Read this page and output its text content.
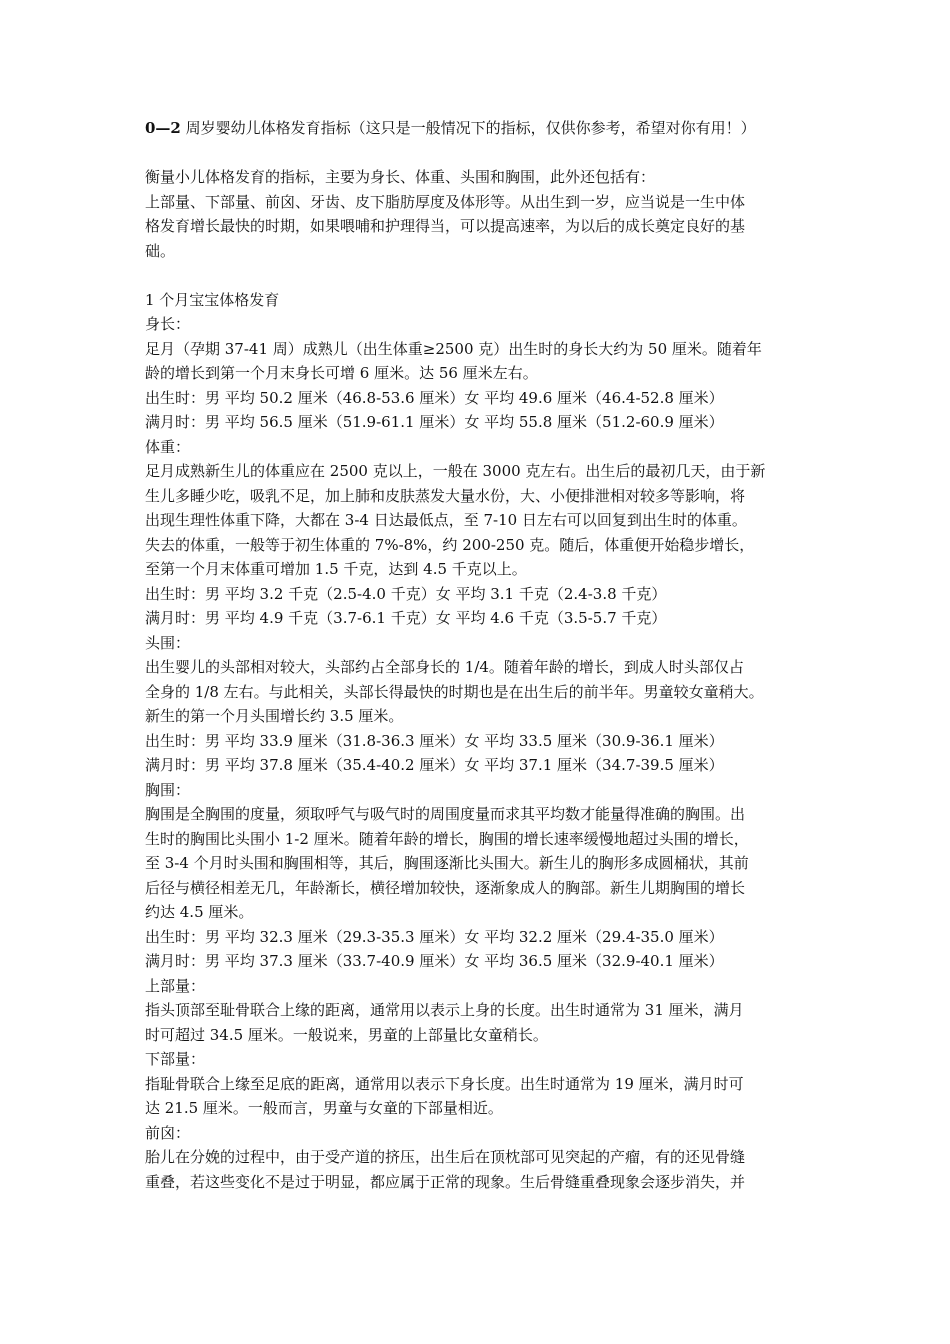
0—2 周岁婴幼儿体格发育指标（这只是一般情况下的指标，仅供你参考，希望对你有用！）
衡量小儿体格发育的指标，主要为身长、体重、头围和胸围，此外还包括有：
上部量、下部量、前囟、牙齿、皮下脂肪厚度及体形等。从出生到一岁，应当说是一生中体
格发育增长最快的时期，如果喂哺和护理得当，可以提高速率，为以后的成长奠定良好的基
础。
1 个月宝宝体格发育
身长：
足月（孕期 37-41 周）成熟儿（出生体重≥2500 克）出生时的身长大约为 50 厘米。随着年
龄的增长到第一个月末身长可增 6 厘米。达 56 厘米左右。
出生时：男 平均 50.2 厘米（46.8-53.6 厘米）女 平均 49.6 厘米（46.4-52.8 厘米）
满月时：男 平均 56.5 厘米（51.9-61.1 厘米）女 平均 55.8 厘米（51.2-60.9 厘米）
体重：
足月成熟新生儿的体重应在 2500 克以上，一般在 3000 克左右。出生后的最初几天，由于新
生儿多睡少吃，吸乳不足，加上肺和皮肤蒸发大量水份，大、小便排泄相对较多等影响，将
出现生理性体重下降，大都在 3-4 日达最低点，至 7-10 日左右可以回复到出生时的体重。
失去的体重，一般等于初生体重的 7%-8%，约 200-250 克。随后，体重便开始稳步增长，
至第一个月末体重可增加 1.5 千克，达到 4.5 千克以上。
出生时：男 平均 3.2 千克（2.5-4.0 千克）女 平均 3.1 千克（2.4-3.8 千克）
满月时：男 平均 4.9 千克（3.7-6.1 千克）女 平均 4.6 千克（3.5-5.7 千克）
头围：
出生婴儿的头部相对较大，头部约占全部身长的 1/4。随着年龄的增长，到成人时头部仅占
全身的 1/8 左右。与此相关，头部长得最快的时期也是在出生后的前半年。男童较女童稍大。
新生的第一个月头围增长约 3.5 厘米。
出生时：男 平均 33.9 厘米（31.8-36.3 厘米）女 平均 33.5 厘米（30.9-36.1 厘米）
满月时：男 平均 37.8 厘米（35.4-40.2 厘米）女 平均 37.1 厘米（34.7-39.5 厘米）
胸围：
胸围是全胸围的度量，须取呼气与吸气时的周围度量而求其平均数才能量得准确的胸围。出
生时的胸围比头围小 1-2 厘米。随着年龄的增长，胸围的增长速率缓慢地超过头围的增长，
至 3-4 个月时头围和胸围相等，其后，胸围逐渐比头围大。新生儿的胸形多成圆桶状，其前
后径与横径相差无几，年龄渐长，横径增加较快，逐渐象成人的胸部。新生儿期胸围的增长
约达 4.5 厘米。
出生时：男 平均 32.3 厘米（29.3-35.3 厘米）女 平均 32.2 厘米（29.4-35.0 厘米）
满月时：男 平均 37.3 厘米（33.7-40.9 厘米）女 平均 36.5 厘米（32.9-40.1 厘米）
上部量：
指头顶部至耻骨联合上缘的距离，通常用以表示上身的长度。出生时通常为 31 厘米，满月
时可超过 34.5 厘米。一般说来，男童的上部量比女童稍长。
下部量：
指耻骨联合上缘至足底的距离，通常用以表示下身长度。出生时通常为 19 厘米，满月时可
达 21.5 厘米。一般而言，男童与女童的下部量相近。
前囟：
胎儿在分娩的过程中，由于受产道的挤压，出生后在顶枕部可见突起的产瘤，有的还见骨缝
重叠，若这些变化不是过于明显，都应属于正常的现象。生后骨缝重叠现象会逐步消失，并
